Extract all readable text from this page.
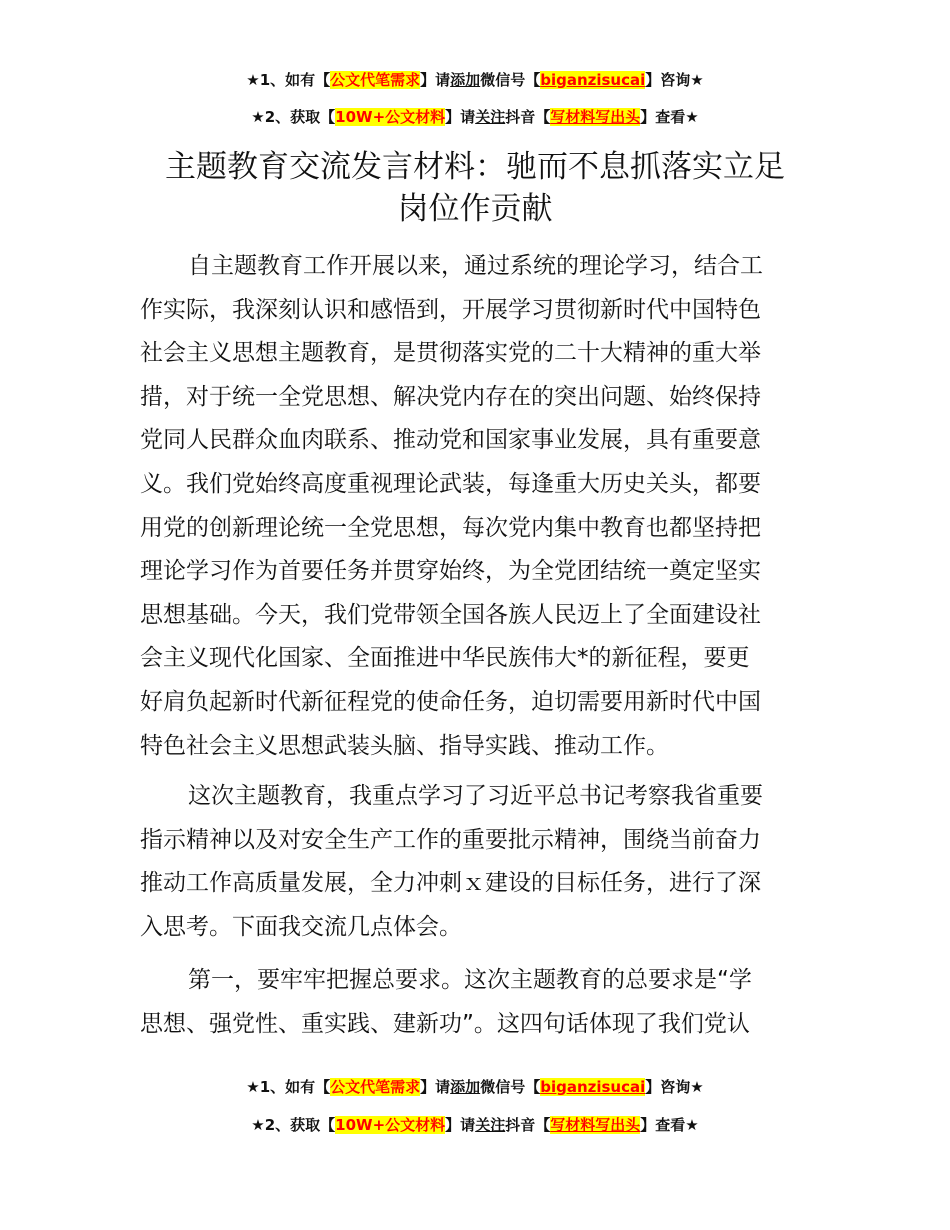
★1、如有【公文代笔需求】请添加微信号【biganzisucai】咨询★
★2、获取【10W+公文材料】请关注抖音【写材料写出头】查看★
主题教育交流发言材料：驰而不息抓落实立足
岗位作贡献
自主题教育工作开展以来，通过系统的理论学习，结合工
作实际，我深刻认识和感悟到，开展学习贯彻新时代中国特色
社会主义思想主题教育，是贯彻落实党的二十大精神的重大举
措，对于统一全党思想、解决党内存在的突出问题、始终保持
党同人民群众血肉联系、推动党和国家事业发展，具有重要意
义。我们党始终高度重视理论武装，每逢重大历史关头，都要
用党的创新理论统一全党思想，每次党内集中教育也都坚持把
理论学习作为首要任务并贯穿始终，为全党团结统一奠定坚实
思想基础。今天，我们党带领全国各族人民迈上了全面建设社
会主义现代化国家、全面推进中华民族伟大*的新征程，要更
好肩负起新时代新征程党的使命任务，迫切需要用新时代中国
特色社会主义思想武装头脑、指导实践、推动工作。
这次主题教育，我重点学习了习近平总书记考察我省重要
指示精神以及对安全生产工作的重要批示精神，围绕当前奋力
推动工作高质量发展，全力冲刺ｘ建设的目标任务，进行了深
入思考。下面我交流几点体会。
第一，要牢牢把握总要求。这次主题教育的总要求是“学
思想、强党性、重实践、建新功”。这四句话体现了我们党认
★1、如有【公文代笔需求】请添加微信号【biganzisucai】咨询★
★2、获取【10W+公文材料】请关注抖音【写材料写出头】查看★
